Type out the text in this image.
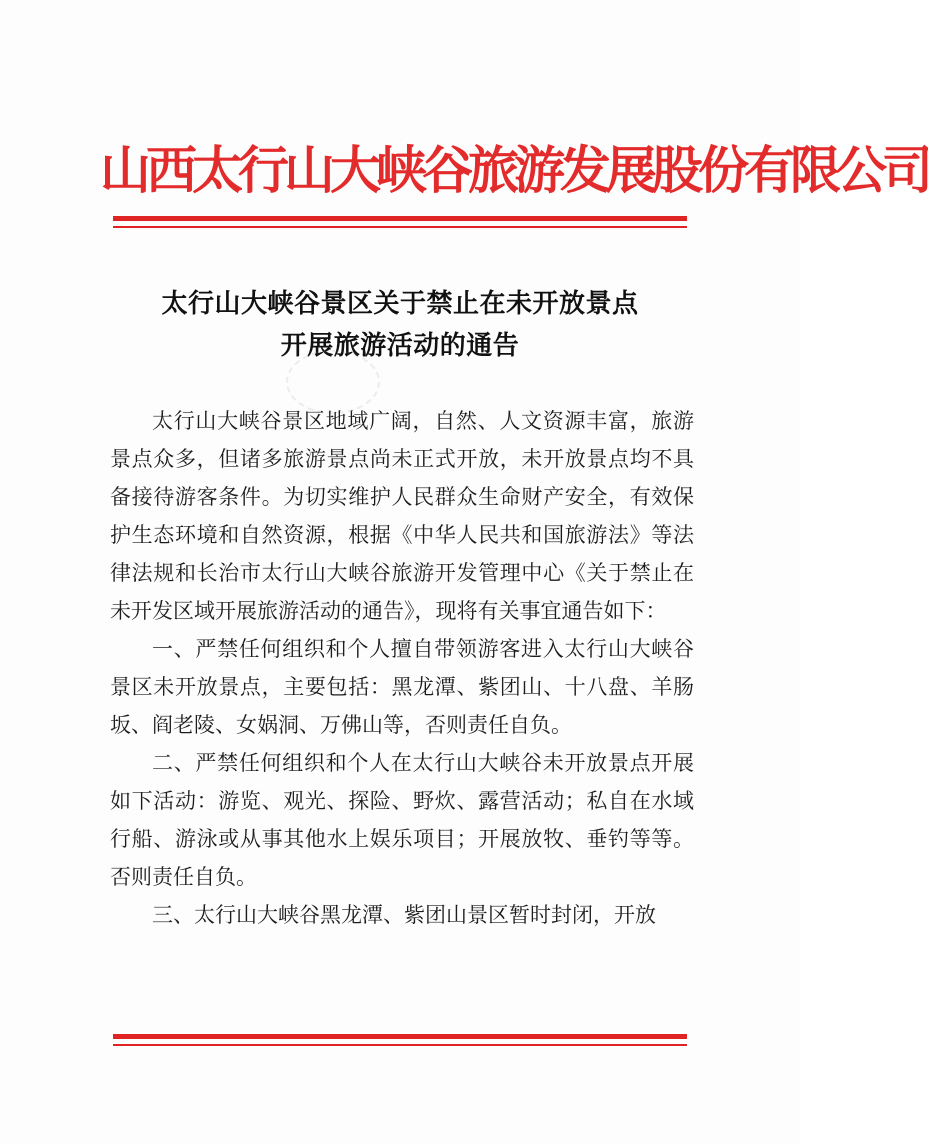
山西太行山大峡谷旅游发展股份有限公司
太行山大峡谷景区关于禁止在未开放景点
开展旅游活动的通告

太行山大峡谷景区地域广阔，自然、人文资源丰富，旅游景点众多，但诸多旅游景点尚未正式开放，未开放景点均不具备接待游客条件。为切实维护人民群众生命财产安全，有效保护生态环境和自然资源，根据《中华人民共和国旅游法》等法律法规和长治市太行山大峡谷旅游开发管理中心《关于禁止在未开发区域开展旅游活动的通告》，现将有关事宜通告如下：

一、严禁任何组织和个人擅自带领游客进入太行山大峡谷景区未开放景点，主要包括：黑龙潭、紫团山、十八盘、羊肠坂、阎老陵、女娲洞、万佛山等，否则责任自负。

二、严禁任何组织和个人在太行山大峡谷未开放景点开展如下活动：游览、观光、探险、野炊、露营活动；私自在水域行船、游泳或从事其他水上娱乐项目；开展放牧、垂钓等等。否则责任自负。

三、太行山大峡谷黑龙潭、紫团山景区暂时封闭，开放
